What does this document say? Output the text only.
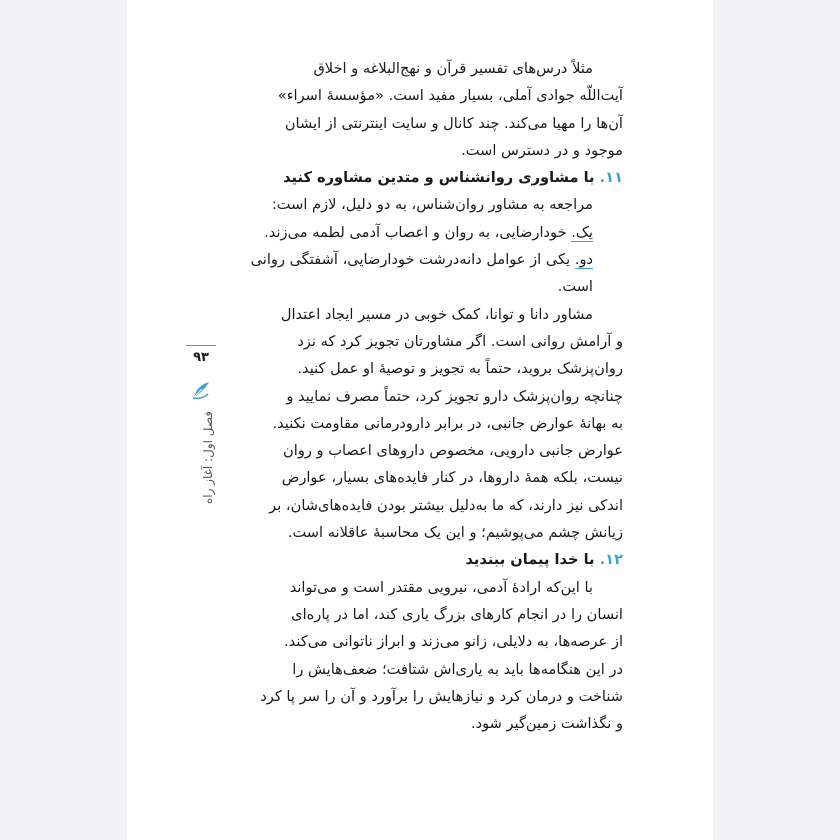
۹۳
فصل اول: آغاز راه

مثلاً درس‌های تفسیر قرآن و نهج‌البلاغه و اخلاق

آیت‌اللّه جوادی آملی، بسیار مفید است. «مؤسسهٔ اسراء»

آن‌ها را مهیا می‌کند. چند کانال و سایت اینترنتی از ایشان

موجود و در دسترس است.

۱۱. با مشاوری روانشناس و متدین مشاوره کنید

مراجعه به مشاور روان‌شناس، به دو دلیل، لازم است:

یک. خودارضایی، به روان و اعصاب آدمی لطمه می‌زند.

دو. یکی از عوامل دانه‌درشت خودارضایی، آشفتگی روانی

است.

مشاور دانا و توانا، کمک خوبی در مسیر ایجاد اعتدال

و آرامش روانی است. اگر مشاورتان تجویز کرد که نزد

روان‌پزشک بروید، حتماً به تجویز و توصیهٔ او عمل کنید.

چنانچه روان‌پزشک دارو تجویز کرد، حتماً مصرف نمایید و

به بهانهٔ عوارض جانبی، در برابر دارودرمانی مقاومت نکنید.

عوارض جانبی دارویی، مخصوص داروهای اعصاب و روان

نیست، بلکه همهٔ داروها، در کنار فایده‌های بسیار، عوارض

اندکی نیز دارند، که ما به‌دلیل بیشتر بودن فایده‌های‌شان، بر

زیانش چشم می‌پوشیم؛ و این یک محاسبهٔ عاقلانه است.

۱۲. با خدا پیمان ببندید

با این‌که ارادهٔ آدمی، نیرویی مقتدر است و می‌تواند

انسان را در انجام کارهای بزرگ یاری کند، اما در پاره‌ای

از عرصه‌ها، به دلایلی، زانو می‌زند و ابراز ناتوانی می‌کند.

در این هنگامه‌ها باید به یاری‌اش شتافت؛ ضعف‌هایش را

شناخت و درمان کرد و نیازهایش را برآورد و آن را سر پا کرد

و نگذاشت زمین‌گیر شود.
